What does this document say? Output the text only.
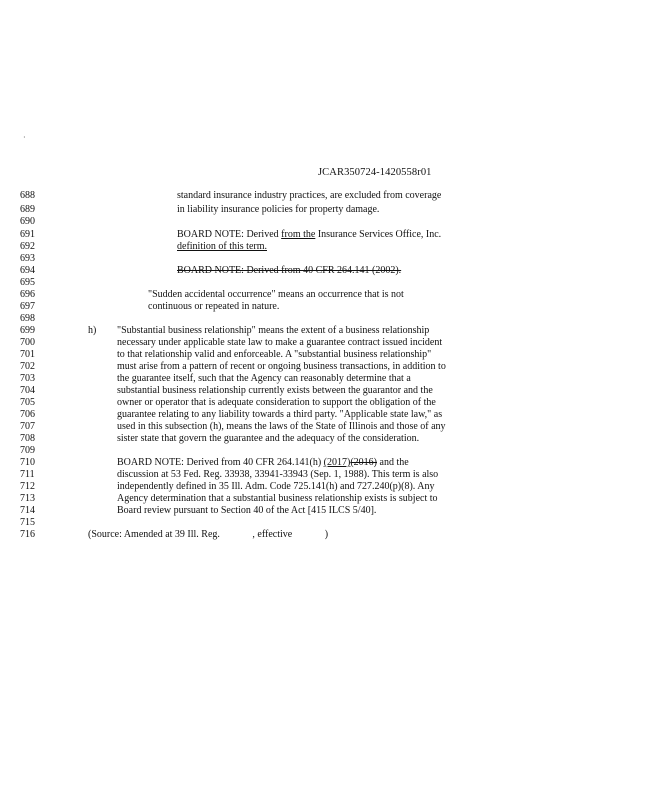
·
JCAR350724-1420558r01
688	standard insurance industry practices, are excluded from coverage
689	in liability insurance policies for property damage.
690
691	BOARD NOTE: Derived from the Insurance Services Office, Inc.
692	definition of this term.
693
694	BOARD NOTE: Derived from 40 CFR 264.141 (2002).
695
696	"Sudden accidental occurrence" means an occurrence that is not
697	continuous or repeated in nature.
698
699	h) "Substantial business relationship" means the extent of a business relationship
700	necessary under applicable state law to make a guarantee contract issued incident
701	to that relationship valid and enforceable. A "substantial business relationship"
702	must arise from a pattern of recent or ongoing business transactions, in addition to
703	the guarantee itself, such that the Agency can reasonably determine that a
704	substantial business relationship currently exists between the guarantor and the
705	owner or operator that is adequate consideration to support the obligation of the
706	guarantee relating to any liability towards a third party. "Applicable state law," as
707	used in this subsection (h), means the laws of the State of Illinois and those of any
708	sister state that govern the guarantee and the adequacy of the consideration.
709
710	BOARD NOTE: Derived from 40 CFR 264.141(h) (2017)(2016) and the
711	discussion at 53 Fed. Reg. 33938, 33941-33943 (Sep. 1, 1988). This term is also
712	independently defined in 35 Ill. Adm. Code 725.141(h) and 727.240(p)(8). Any
713	Agency determination that a substantial business relationship exists is subject to
714	Board review pursuant to Section 40 of the Act [415 ILCS 5/40].
715
716	(Source: Amended at 39 Ill. Reg. ______, effective ______)
